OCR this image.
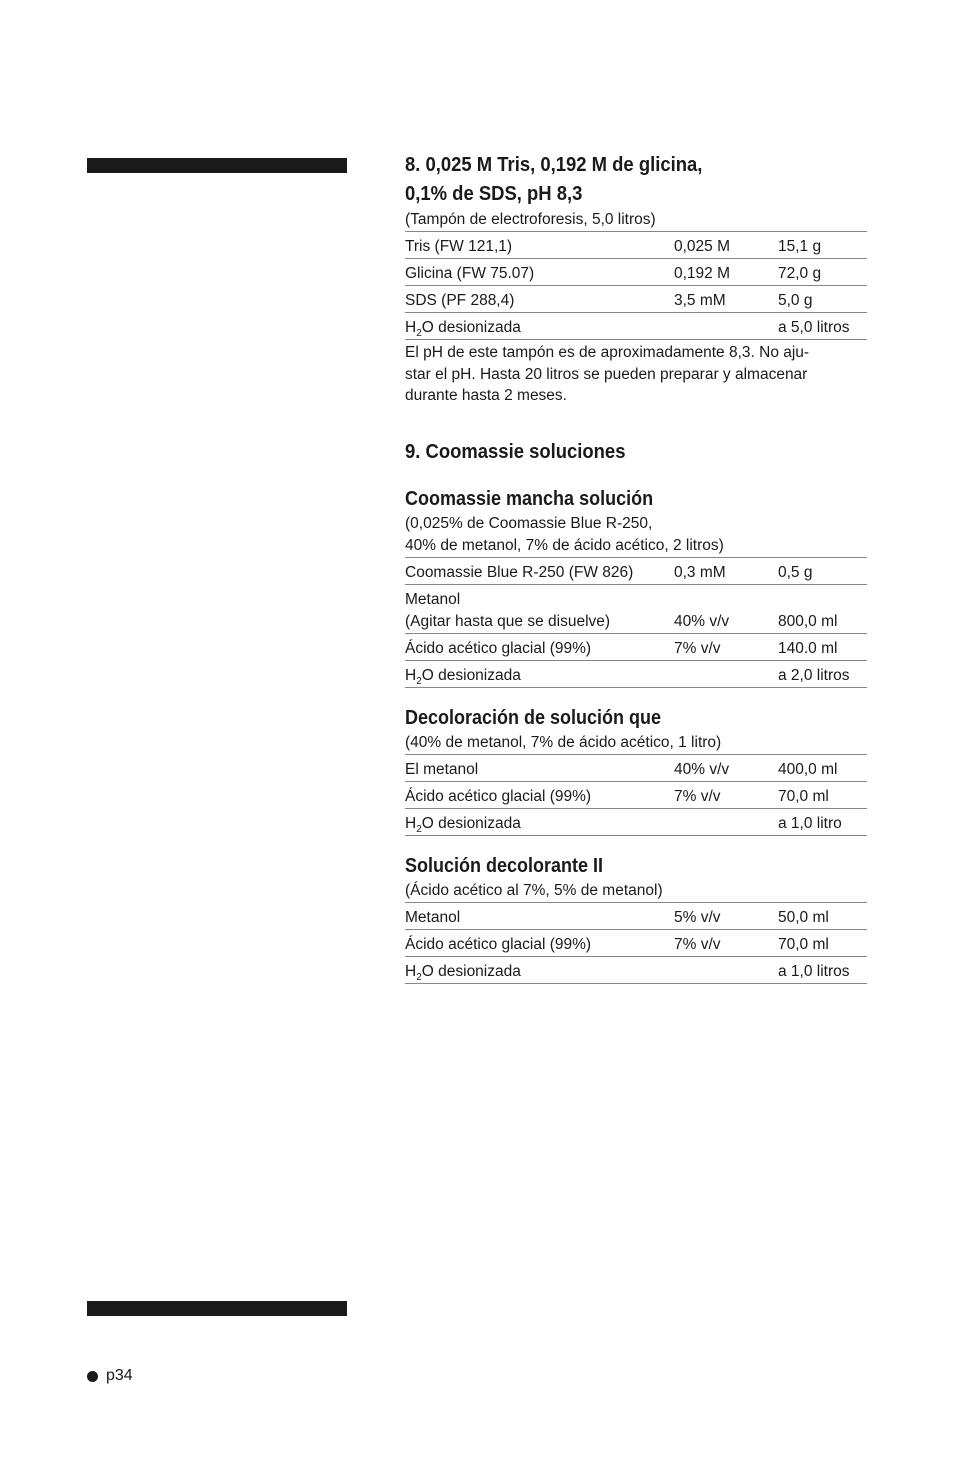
8. 0,025 M Tris, 0,192 M de glicina,
0,1% de SDS, pH 8,3
(Tampón de electroforesis, 5,0 litros)
Tris (FW 121,1)	0,025 M	15,1 g
Glicina (FW 75.07)	0,192 M	72,0 g
SDS (PF 288,4)	3,5 mM	5,0 g
$H_2O$ desionizada		a 5,0 litros
El pH de este tampón es de aproximadamente 8,3. No aju-
star el pH. Hasta 20 litros se pueden preparar y almacenar
durante hasta 2 meses.
9. Coomassie soluciones
Coomassie mancha solución
(0,025% de Coomassie Blue R-250,
40% de metanol, 7% de ácido acético, 2 litros)
Coomassie Blue R-250 (FW 826)	0,3 mM	0,5 g

Metanol
(Agitar hasta que se disuelve)	40% v/v	800,0 ml
Ácido acético glacial (99%)	7% v/v	140.0 ml
$H_2O$ desionizada		a 2,0 litros
Decoloración de solución que
(40% de metanol, 7% de ácido acético, 1 litro)
El metanol	40% v/v	400,0 ml
Ácido acético glacial (99%)	7% v/v	70,0 ml
$H_2O$ desionizada		a 1,0 litro
Solución decolorante II
(Ácido acético al 7%, 5% de metanol)
Metanol	5% v/v	50,0 ml
Ácido acético glacial (99%)	7% v/v	70,0 ml
$H_2O$ desionizada		a 1,0 litros
p34
